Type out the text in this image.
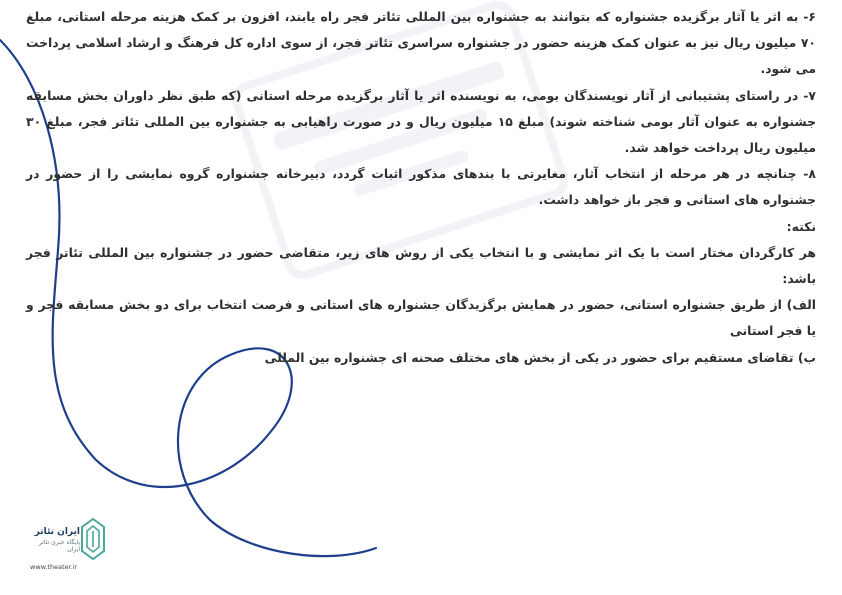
۶- به اثر یا آثار برگزیده جشنواره که بتوانند به جشنواره بین المللی تئاتر فجر راه یابند، افزون بر کمک هزینه مرحله استانی، مبلغ ۷۰ میلیون ریال نیز به عنوان کمک هزینه حضور در جشنواره سراسری تئاتر فجر، از سوی اداره کل فرهنگ و ارشاد اسلامی پرداخت می شود.

۷- در راستای پشتیبانی از آثار نویسندگان بومی، به نویسنده اثر یا آثار برگزیده مرحله استانی (که طبق نظر داوران بخش مسابقه جشنواره به عنوان آثار بومی شناخته شوند) مبلغ ۱۵ میلیون ریال و در صورت راهیابی به جشنواره بین المللی تئاتر فجر، مبلغ ۳۰ میلیون ریال پرداخت خواهد شد.

۸- چنانچه در هر مرحله از انتخاب آثار، مغایرتی با بندهای مذکور اثبات گردد، دبیرخانه جشنواره گروه نمایشی را از حضور در جشنواره های استانی و فجر باز خواهد داشت.

نکته:

هر کارگردان مختار است با یک اثر نمایشی و با انتخاب یکی از روش های زیر، متقاضی حضور در جشنواره بین المللی تئاتر فجر باشد:

الف) از طریق جشنواره استانی، حضور در همایش برگزیدگان جشنواره های استانی و فرصت انتخاب برای دو بخش مسابقه فجر و یا فجر استانی

ب) تقاضای مستقیم برای حضور در یکی از بخش های مختلف صحنه ای جشنواره بین المللی

ایران تئاتر
پایگاه خبری تئاتر ایران
www.theater.ir
